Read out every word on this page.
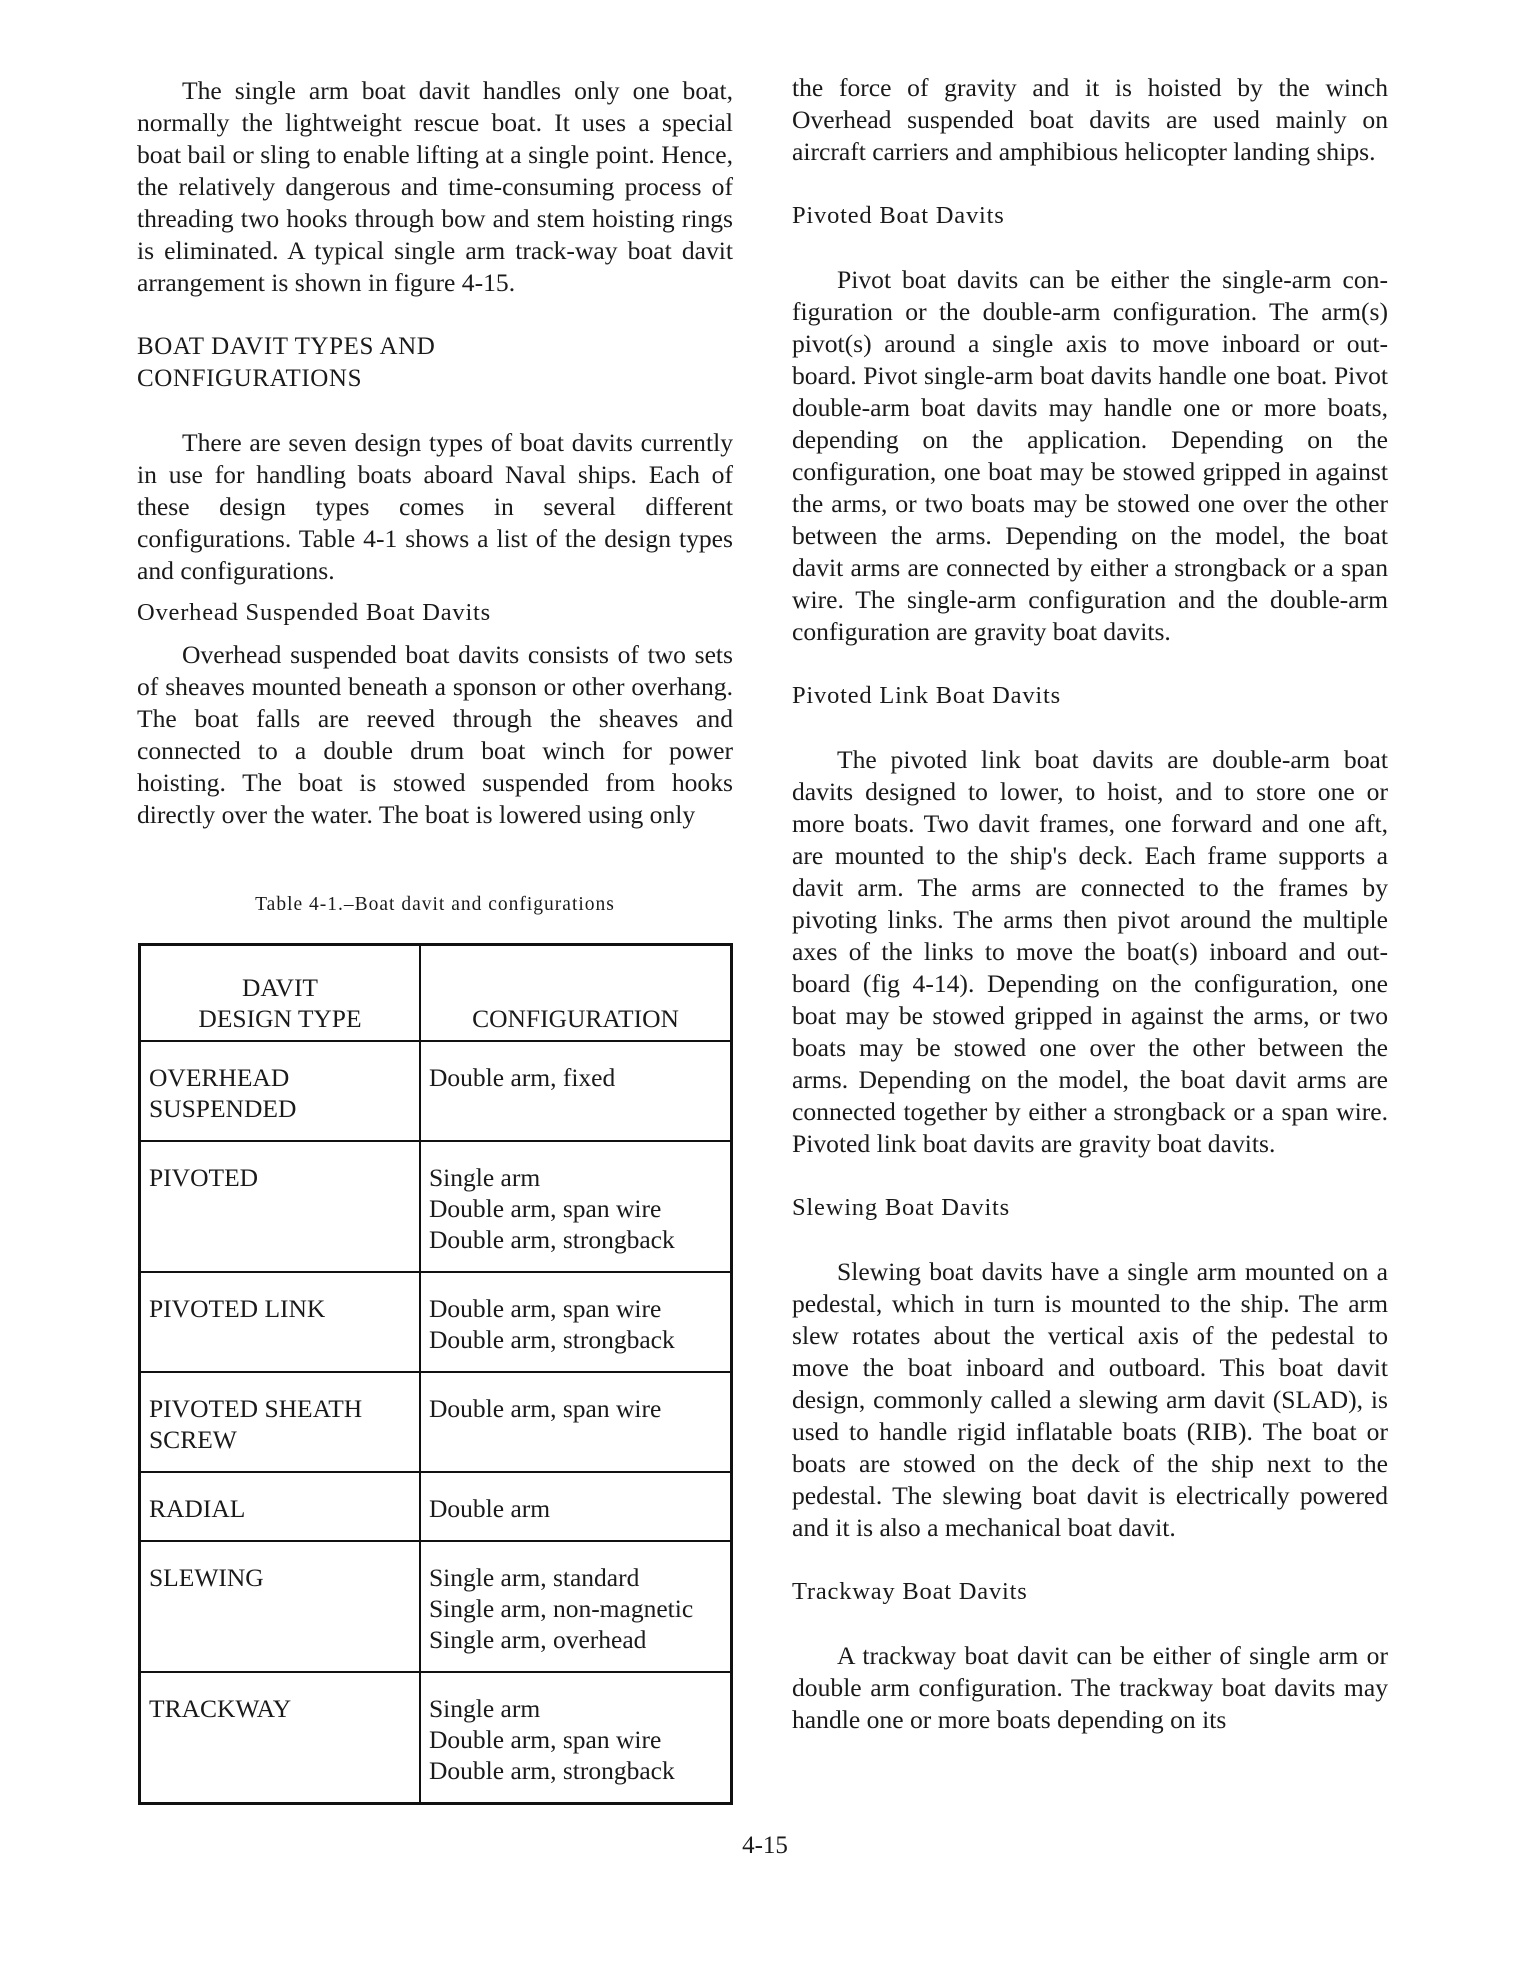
The single arm boat davit handles only one boat, normally the lightweight rescue boat. It uses a special boat bail or sling to enable lifting at a single point. Hence, the relatively dangerous and time-consuming process of threading two hooks through bow and stem hoisting rings is eliminated. A typical single arm track-way boat davit arrangement is shown in figure 4-15.

BOAT DAVIT TYPES AND
CONFIGURATIONS

There are seven design types of boat davits currently in use for handling boats aboard Naval ships. Each of these design types comes in several different configurations. Table 4-1 shows a list of the design types and configurations.

Overhead Suspended Boat Davits

Overhead suspended boat davits consists of two sets of sheaves mounted beneath a sponson or other overhang. The boat falls are reeved through the sheaves and connected to a double drum boat winch for power hoisting. The boat is stowed suspended from hooks directly over the water. The boat is lowered using only

Table 4-1.–Boat davit and configurations
DAVIT
DESIGN TYPE	CONFIGURATION

OVERHEAD
SUSPENDED	Double arm, fixed

PIVOTED	Single arm
Double arm, span wire
Double arm, strongback

PIVOTED LINK	Double arm, span wire
Double arm, strongback

PIVOTED SHEATH
SCREW	Double arm, span wire

RADIAL	Double arm

SLEWING	Single arm, standard
Single arm, non-magnetic
Single arm, overhead

TRACKWAY	Single arm
Double arm, span wire
Double arm, strongback

the force of gravity and it is hoisted by the winch Overhead suspended boat davits are used mainly on aircraft carriers and amphibious helicopter landing ships.

Pivoted Boat Davits

Pivot boat davits can be either the single-arm con-figuration or the double-arm configuration. The arm(s) pivot(s) around a single axis to move inboard or out-board. Pivot single-arm boat davits handle one boat. Pivot double-arm boat davits may handle one or more boats, depending on the application. Depending on the configuration, one boat may be stowed gripped in against the arms, or two boats may be stowed one over the other between the arms. Depending on the model, the boat davit arms are connected by either a strongback or a span wire. The single-arm configuration and the double-arm configuration are gravity boat davits.

Pivoted Link Boat Davits

The pivoted link boat davits are double-arm boat davits designed to lower, to hoist, and to store one or more boats. Two davit frames, one forward and one aft, are mounted to the ship's deck. Each frame supports a davit arm. The arms are connected to the frames by pivoting links. The arms then pivot around the multiple axes of the links to move the boat(s) inboard and out-board (fig 4-14). Depending on the configuration, one boat may be stowed gripped in against the arms, or two boats may be stowed one over the other between the arms. Depending on the model, the boat davit arms are connected together by either a strongback or a span wire. Pivoted link boat davits are gravity boat davits.

Slewing Boat Davits

Slewing boat davits have a single arm mounted on a pedestal, which in turn is mounted to the ship. The arm slew rotates about the vertical axis of the pedestal to move the boat inboard and outboard. This boat davit design, commonly called a slewing arm davit (SLAD), is used to handle rigid inflatable boats (RIB). The boat or boats are stowed on the deck of the ship next to the pedestal. The slewing boat davit is electrically powered and it is also a mechanical boat davit.

Trackway Boat Davits

A trackway boat davit can be either of single arm or double arm configuration. The trackway boat davits may handle one or more boats depending on its

4-15
